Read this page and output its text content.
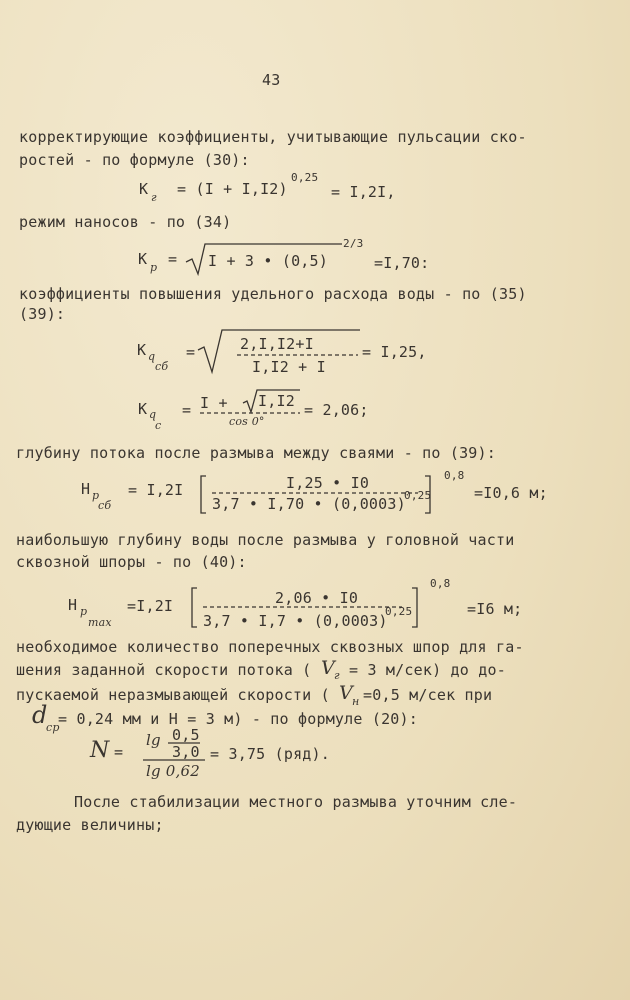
43
корректирующие коэффициенты, учитывающие пульсации ско-
ростей - по формуле (30):
K г = (I + I,I2)
0,25
= I,2I,
режим наносов - по (34)
K р = I + 3 • (0,5)
2/3
=I,70:
коэффициенты повышения удельного расхода воды - по (35)
(39):
K q
сб
=	2,I,I2+I
I,I2 + I
= I,25,
K q
с
= I + I,I2
cos 0°
= 2,06;
глубину потока после размыва между сваями - по (39):
H р
сб
= I,2I	I,25 • I0
3,7 • I,70 • (0,0003)
0,25
0,8
=I0,6 м;
наибольшую глубину воды после размыва у головной части
сквозной шпоры - по (40):
H р
max
=I,2I	2,06 • I0
3,7 • I,7 • (0,0003)
0,25
0,8
=I6 м;
необходимое количество поперечных сквозных шпор для га-
шения заданной скорости потока ( V г = 3 м/сек) до до-
пускаемой неразмывающей скорости ( V н =0,5 м/сек при
d
ср
= 0,24 мм и Н = 3 м) - по формуле (20):
N =
lg 0,5
3,0
lg 0,62
= 3,75 (ряд).
После стабилизации местного размыва уточним сле-
дующие величины;
